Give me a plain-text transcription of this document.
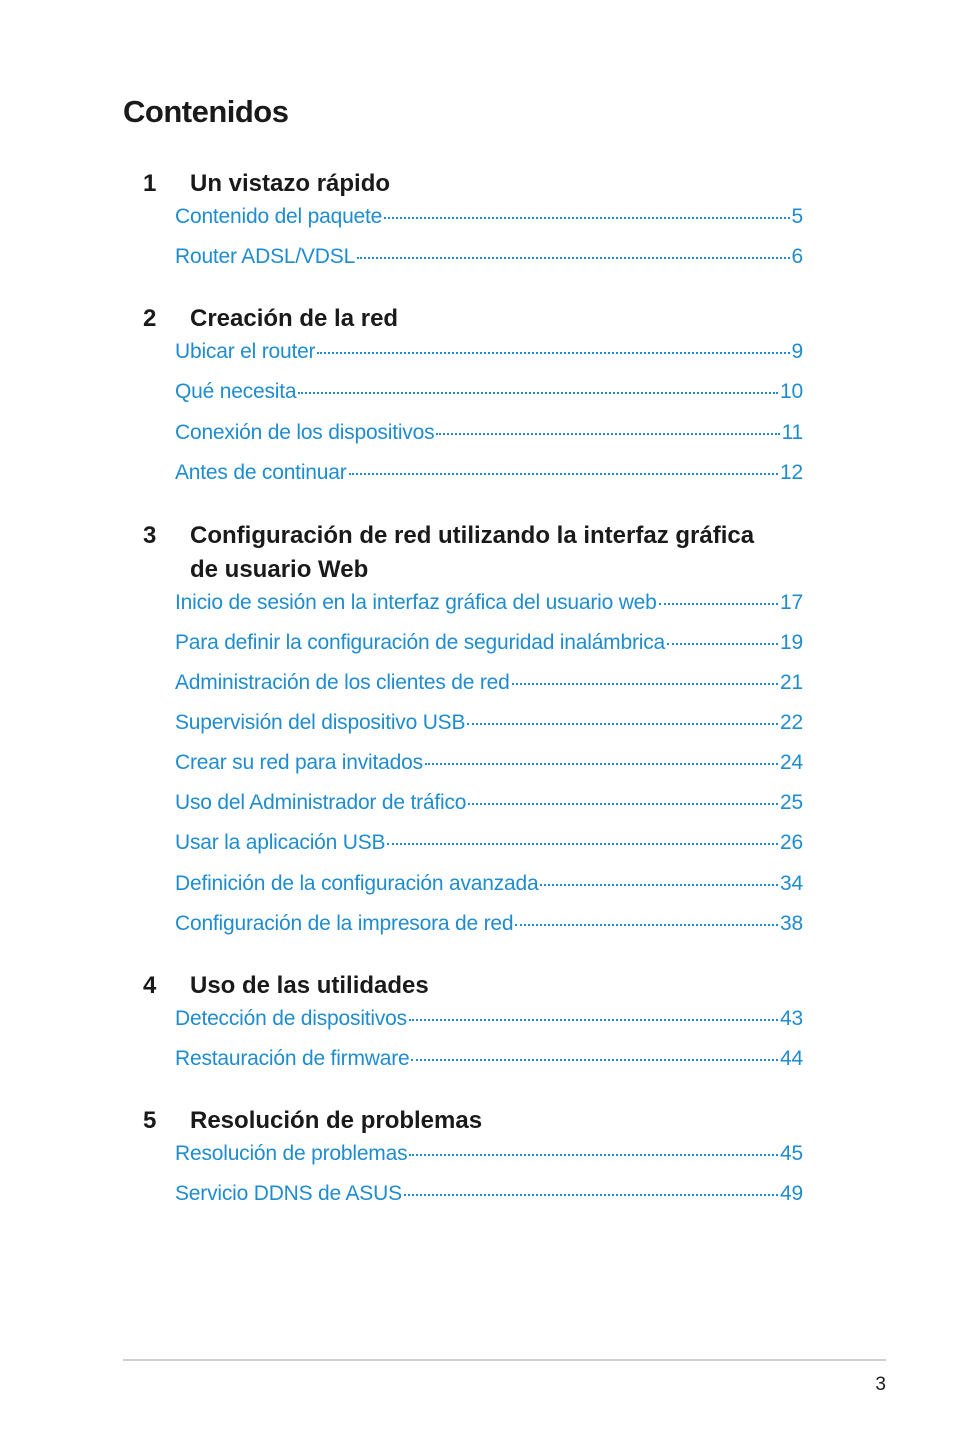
Contenidos
1	Un vistazo rápido
Contenido del paquete	5
Router ADSL/VDSL	6
2	Creación de la red
Ubicar el router	9
Qué necesita	10
Conexión de los dispositivos	11
Antes de continuar	12
3	Configuración de red utilizando la interfaz gráfica de usuario Web
Inicio de sesión en la interfaz gráfica del usuario web	17
Para definir la configuración de seguridad inalámbrica	19
Administración de los clientes de red	21
Supervisión del dispositivo USB	22
Crear su red para invitados	24
Uso del Administrador de tráfico	25
Usar la aplicación USB	26
Definición de la configuración avanzada	34
Configuración de la impresora de red	38
4	Uso de las utilidades
Detección de dispositivos	43
Restauración de firmware	44
5	Resolución de problemas
Resolución de problemas	45
Servicio DDNS de ASUS	49
3
